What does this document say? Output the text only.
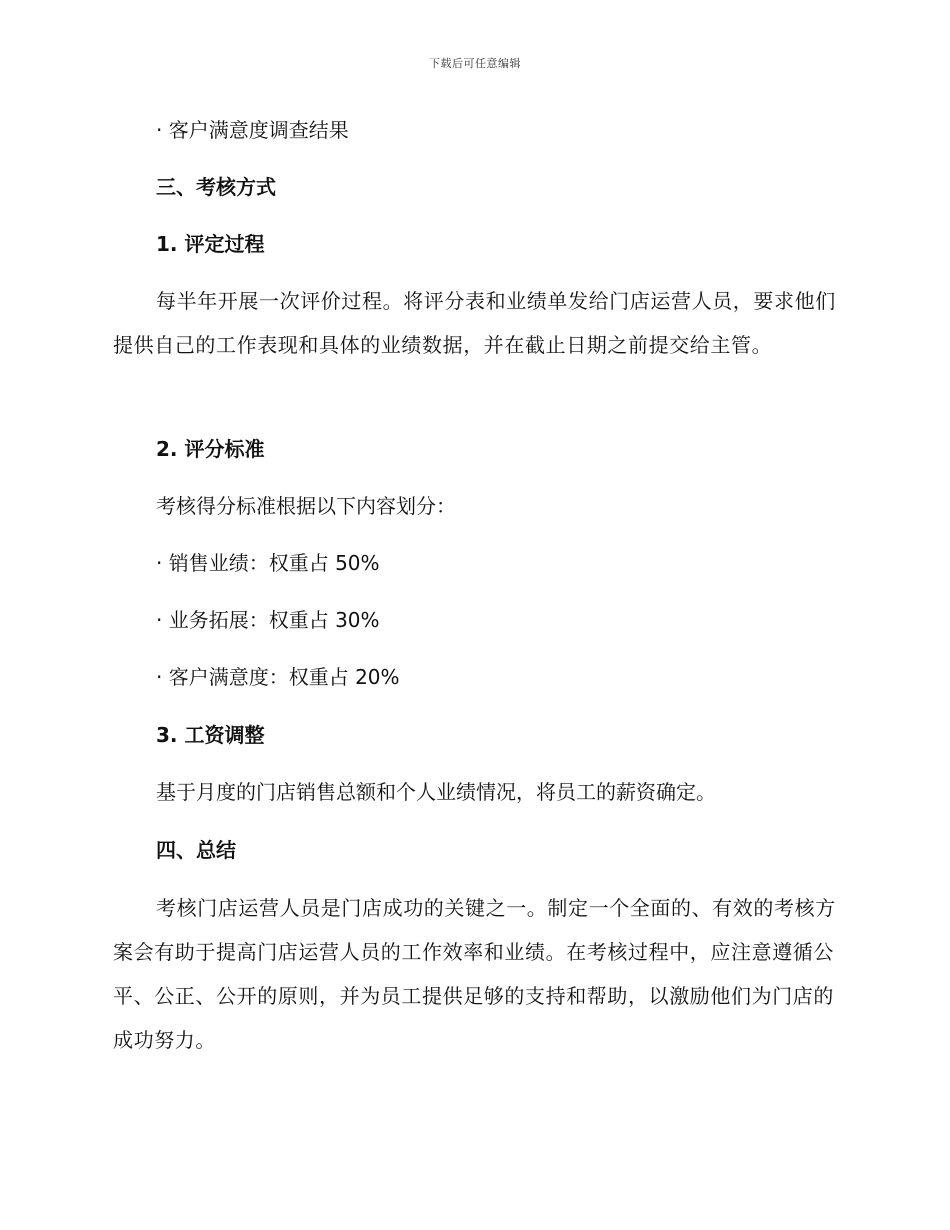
下载后可任意编辑
· 客户满意度调查结果
三、考核方式
1. 评定过程
每半年开展一次评价过程。将评分表和业绩单发给门店运营人员，要求他们提供自己的工作表现和具体的业绩数据，并在截止日期之前提交给主管。
2. 评分标准
考核得分标准根据以下内容划分：
· 销售业绩：权重占 50%
· 业务拓展：权重占 30%
· 客户满意度：权重占 20%
3. 工资调整
基于月度的门店销售总额和个人业绩情况，将员工的薪资确定。
四、总结
考核门店运营人员是门店成功的关键之一。制定一个全面的、有效的考核方案会有助于提高门店运营人员的工作效率和业绩。在考核过程中，应注意遵循公平、公正、公开的原则，并为员工提供足够的支持和帮助，以激励他们为门店的成功努力。
